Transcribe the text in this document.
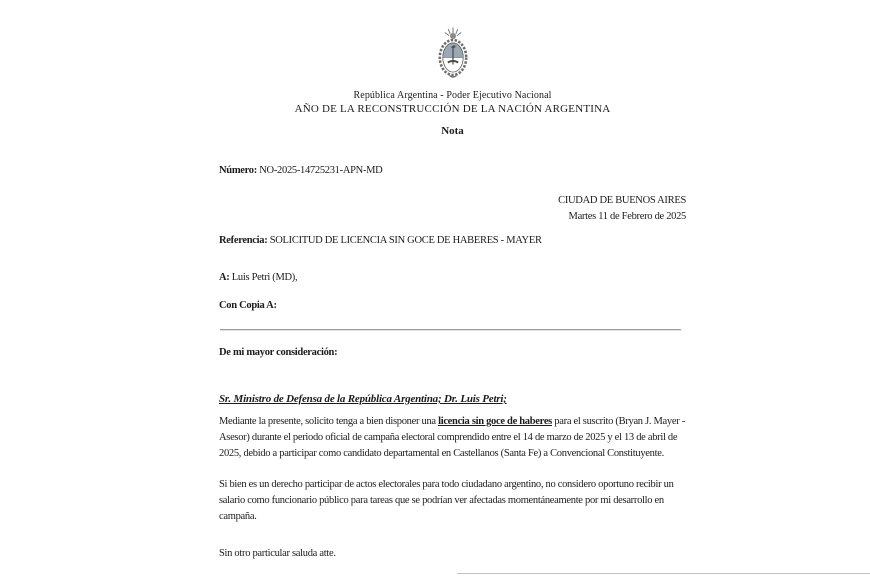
República Argentina - Poder Ejecutivo Nacional
AÑO DE LA RECONSTRUCCIÓN DE LA NACIÓN ARGENTINA
Nota
Número: NO-2025-14725231-APN-MD
CIUDAD DE BUENOS AIRES
Martes 11 de Febrero de 2025
Referencia: SOLICITUD DE LICENCIA SIN GOCE DE HABERES - MAYER
A: Luis Petri (MD),
Con Copia A:
De mi mayor consideración:
Sr. Ministro de Defensa de la República Argentina; Dr. Luis Petri;
Mediante la presente, solicito tenga a bien disponer una licencia sin goce de haberes para el suscrito (Bryan J. Mayer - Asesor) durante el periodo oficial de campaña electoral comprendido entre el 14 de marzo de 2025 y el 13 de abril de 2025, debido a participar como candidato departamental en Castellanos (Santa Fe) a Convencional Constituyente.
Si bien es un derecho participar de actos electorales para todo ciudadano argentino, no considero oportuno recibir un salario como funcionario público para tareas que se podrían ver afectadas momentáneamente por mi desarrollo en campaña.
Sin otro particular saluda atte.
